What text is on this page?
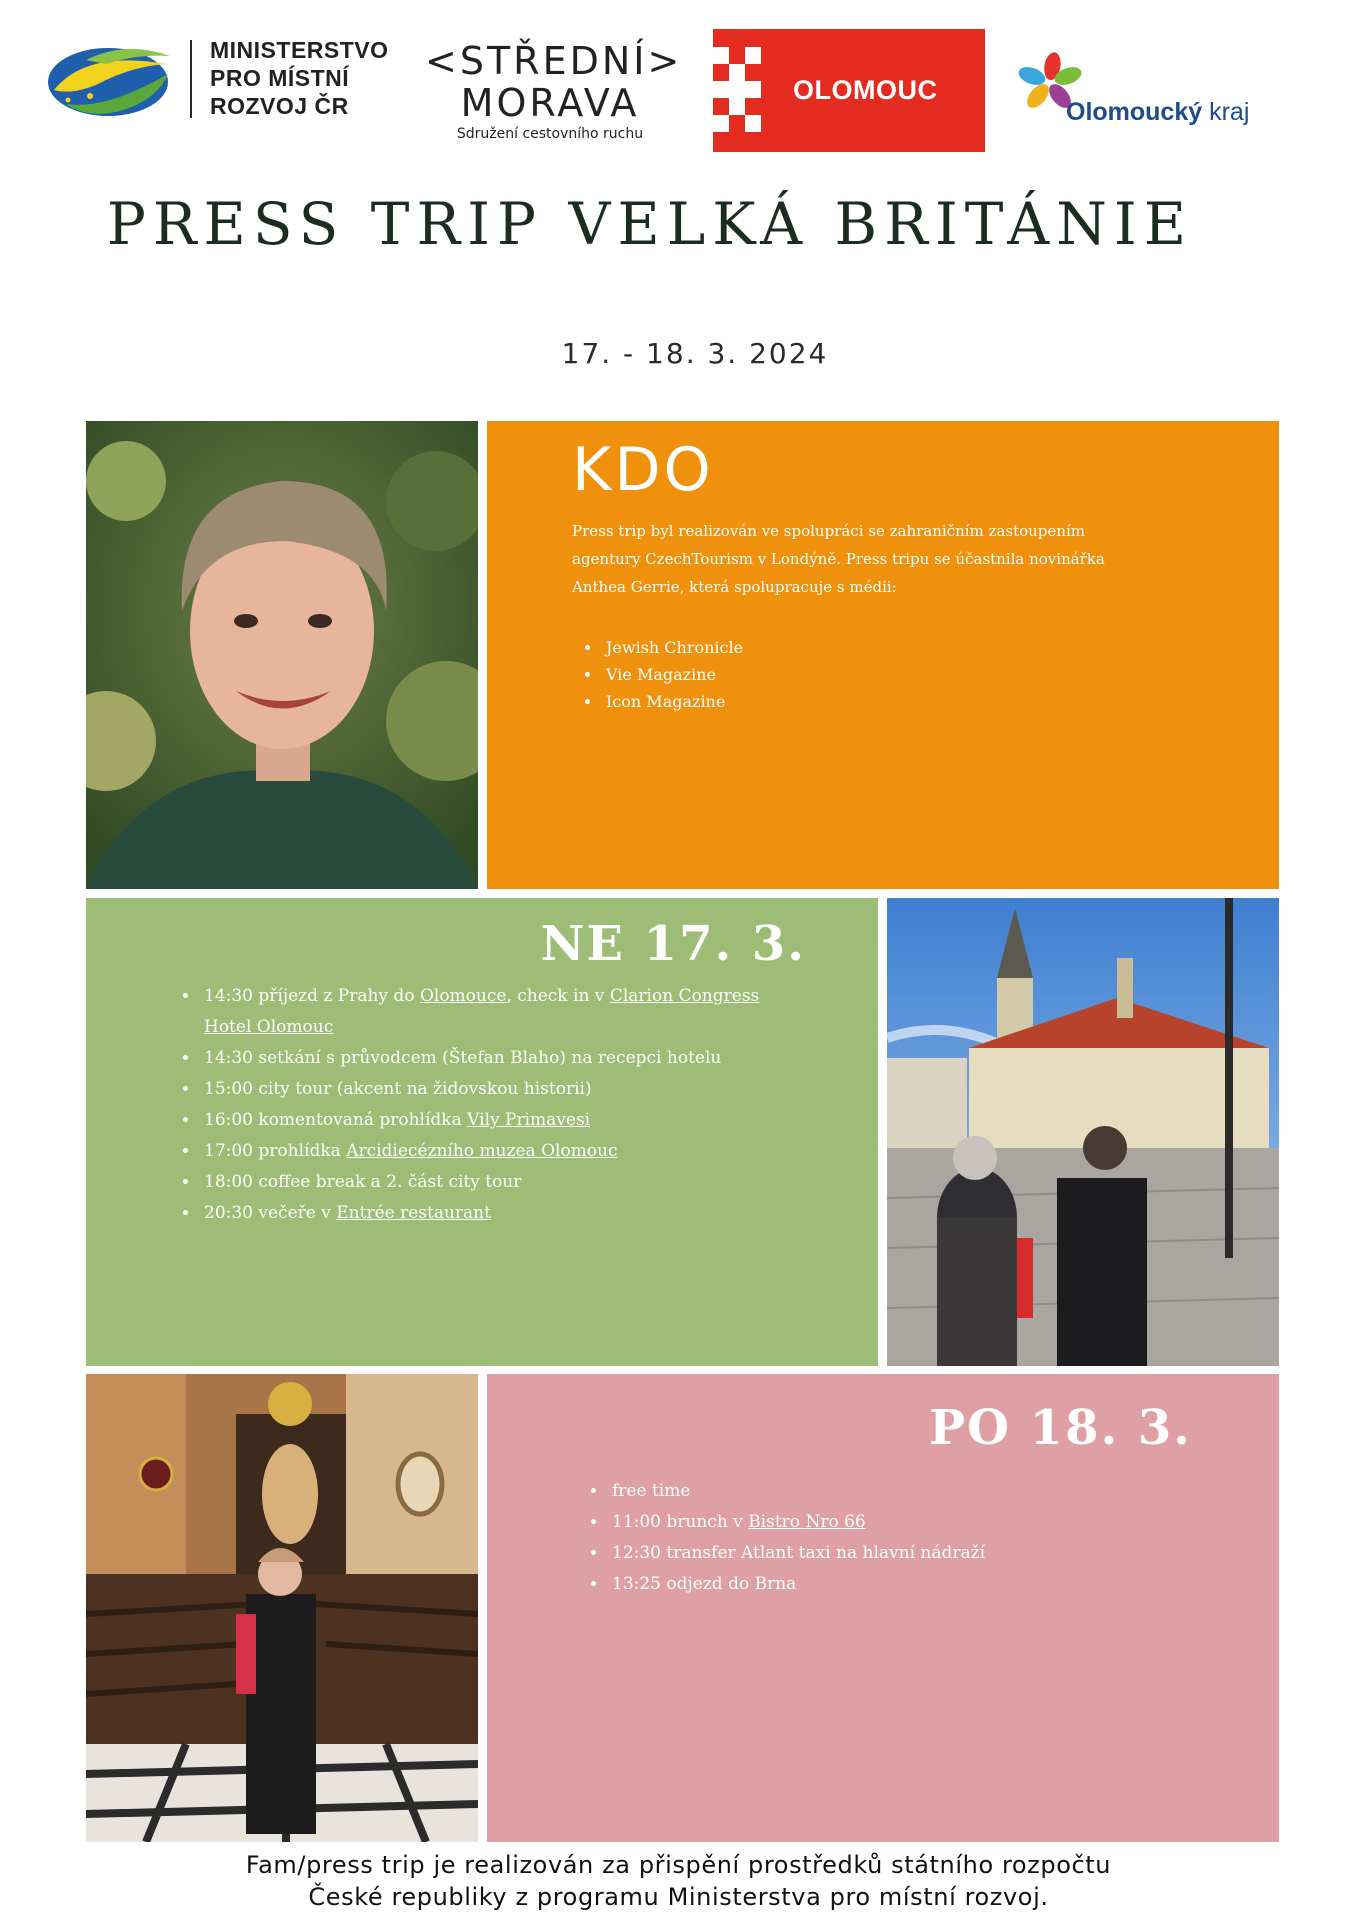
MINISTERSTVO
PRO MÍSTNÍ
ROZVOJ ČR
<STŘEDNÍ>
MORAVA
Sdružení cestovního ruchu
OLOMOUC
Olomoucký kraj
PRESS TRIP VELKÁ BRITÁNIE
17. - 18. 3. 2024
KDO
Press trip byl realizován ve spolupráci se zahraničním zastoupením agentury CzechTourism v Londýně. Press tripu se účastnila novinářka Anthea Gerrie, která spolupracuje s médii:
• Jewish Chronicle
• Vie Magazine
• Icon Magazine
NE 17. 3.
• 14:30 příjezd z Prahy do Olomouce, check in v Clarion Congress Hotel Olomouc
• 14:30 setkání s průvodcem (Štefan Blaho) na recepci hotelu
• 15:00 city tour (akcent na židovskou historii)
• 16:00 komentovaná prohlídka Vily Primavesi
• 17:00 prohlídka Arcidiecézního muzea Olomouc
• 18:00 coffee break a 2. část city tour
• 20:30 večeře v Entrée restaurant
PO 18. 3.
• free time
• 11:00 brunch v Bistro Nro 66
• 12:30 transfer Atlant taxi na hlavní nádraží
• 13:25 odjezd do Brna
Fam/press trip je realizován za přispění prostředků státního rozpočtu
České republiky z programu Ministerstva pro místní rozvoj.
